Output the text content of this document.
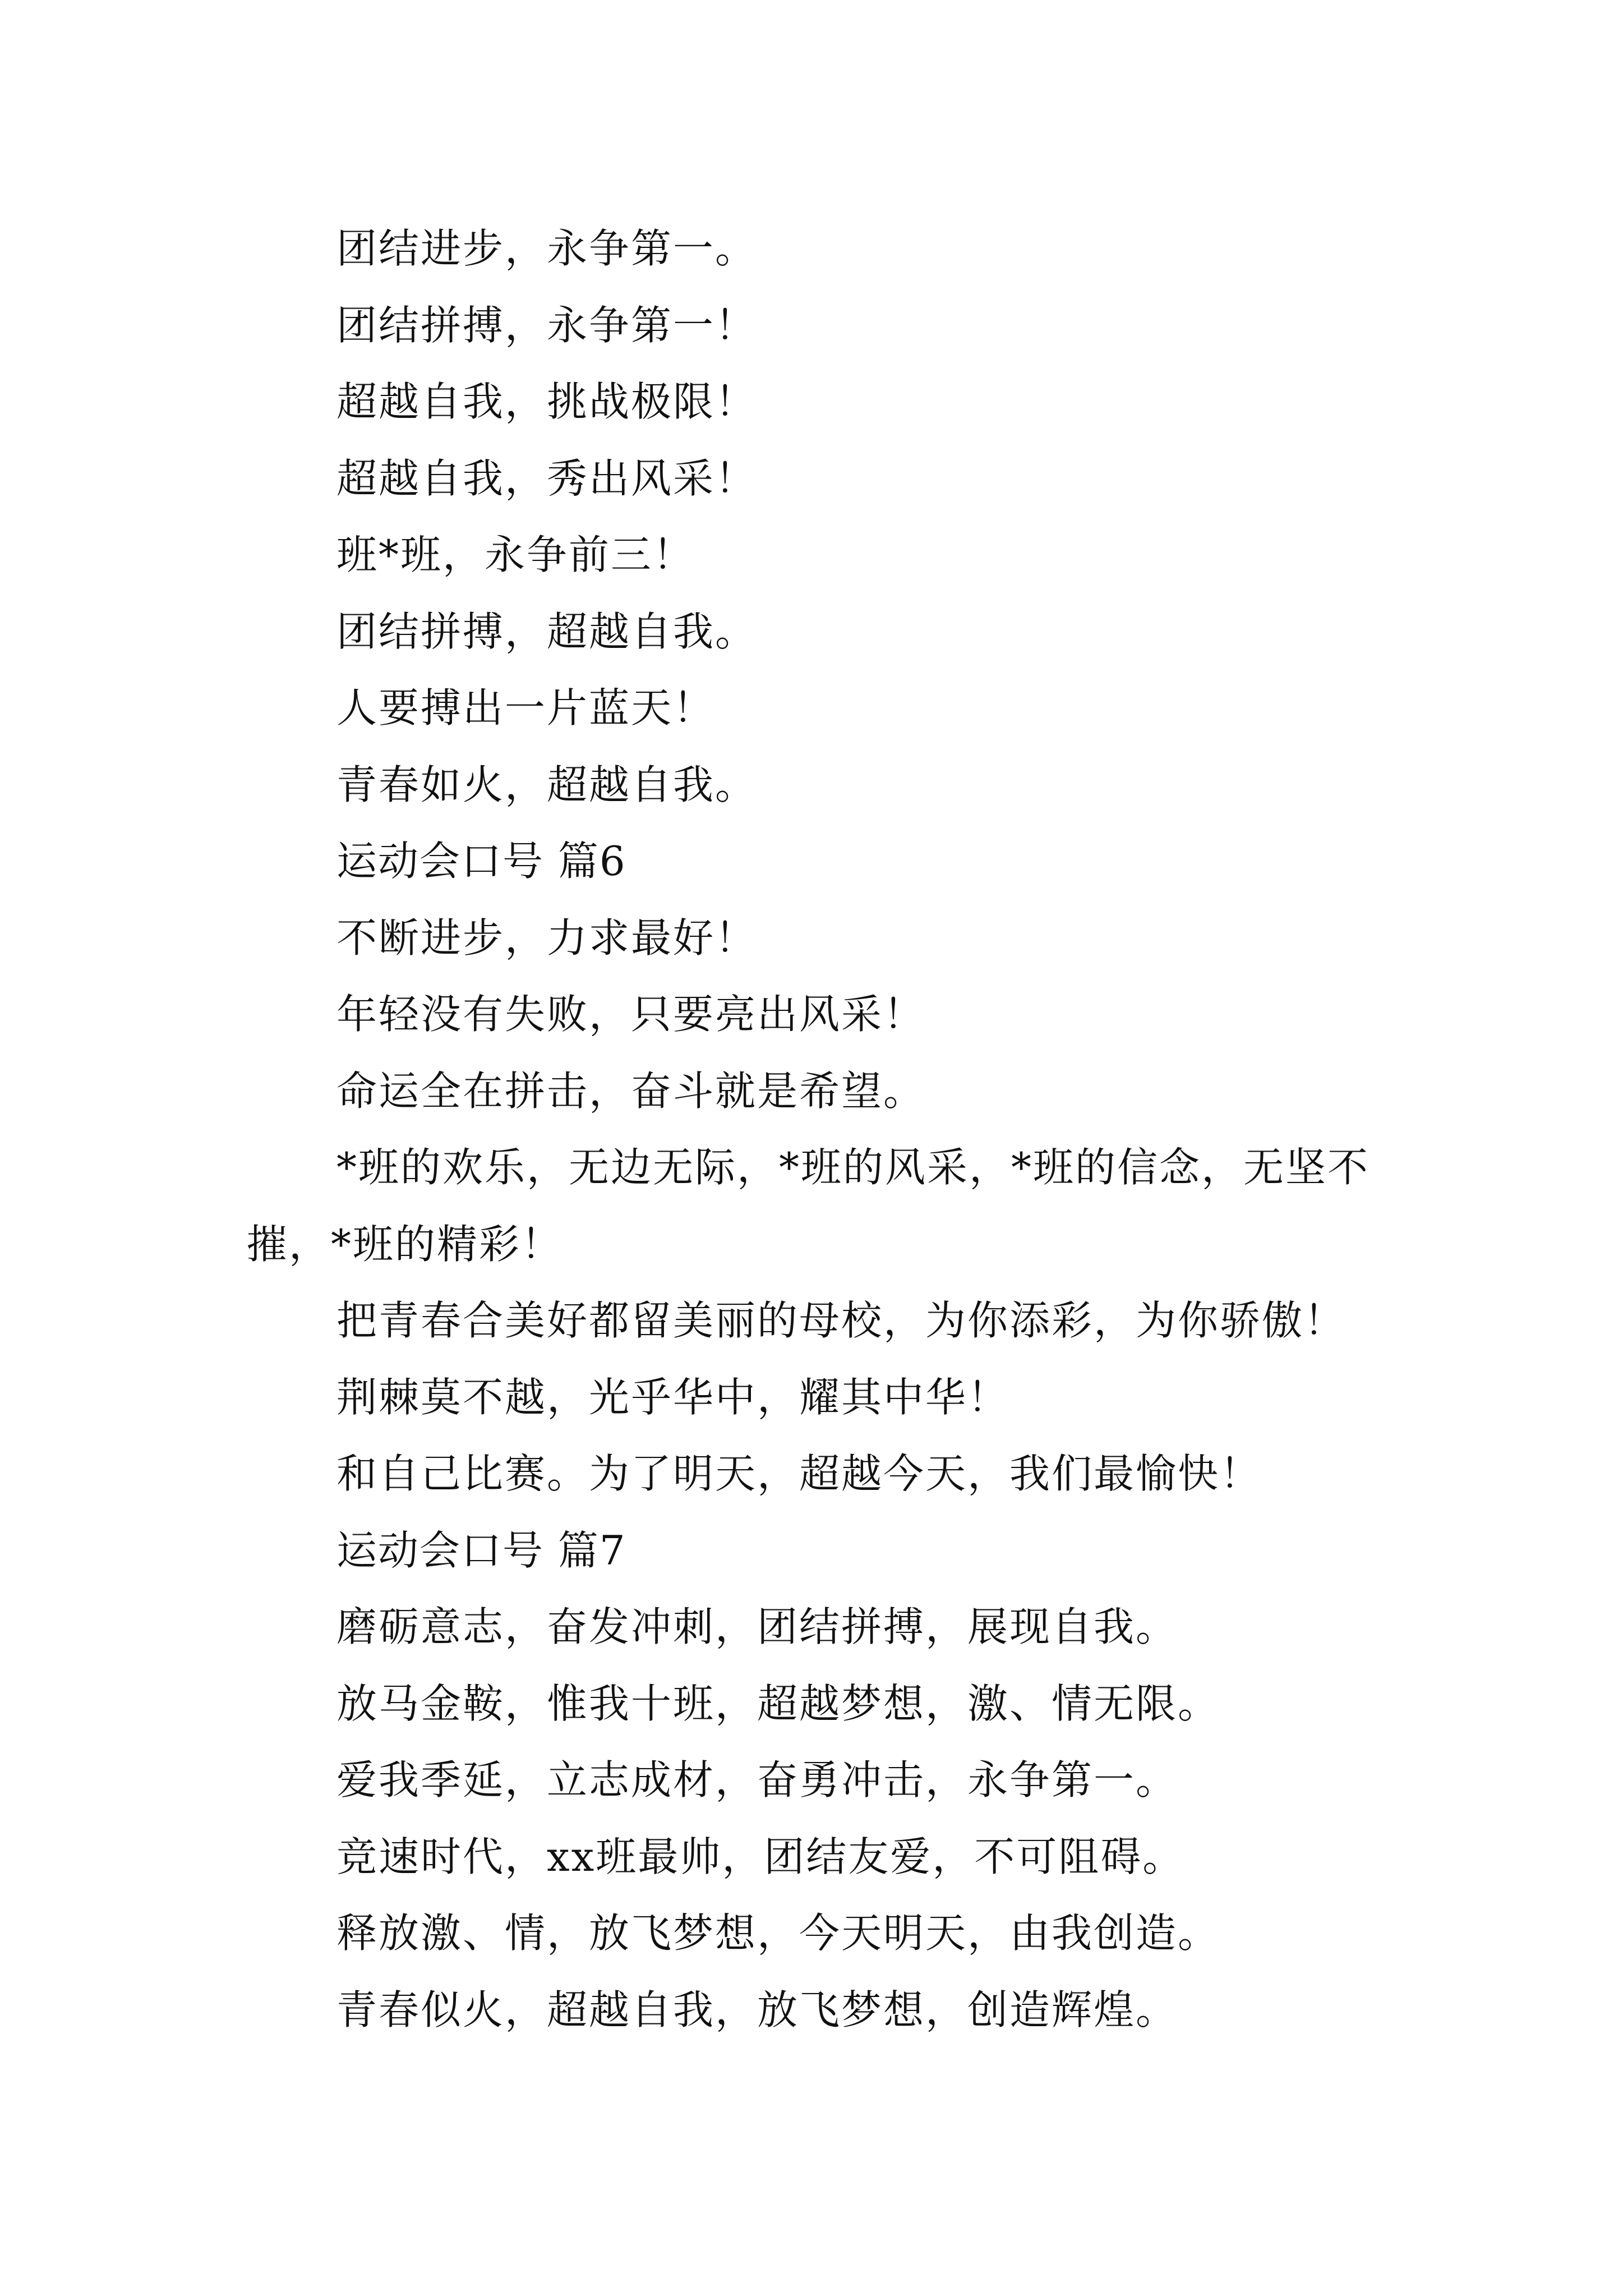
团结进步，永争第一。

团结拼搏，永争第一！

超越自我，挑战极限！

超越自我，秀出风采！

班*班，永争前三！

团结拼搏，超越自我。

人要搏出一片蓝天！

青春如火，超越自我。

运动会口号 篇6

不断进步，力求最好！

年轻没有失败，只要亮出风采！

命运全在拼击，奋斗就是希望。

*班的欢乐，无边无际，*班的风采，*班的信念，无坚不摧，*班的精彩！

把青春合美好都留美丽的母校，为你添彩，为你骄傲！

荆棘莫不越，光乎华中，耀其中华！

和自己比赛。为了明天，超越今天，我们最愉快！

运动会口号 篇7

磨砺意志，奋发冲刺，团结拼搏，展现自我。

放马金鞍，惟我十班，超越梦想，激、情无限。

爱我季延，立志成材，奋勇冲击，永争第一。

竞速时代，xx班最帅，团结友爱，不可阻碍。

释放激、情，放飞梦想，今天明天，由我创造。

青春似火，超越自我，放飞梦想，创造辉煌。
